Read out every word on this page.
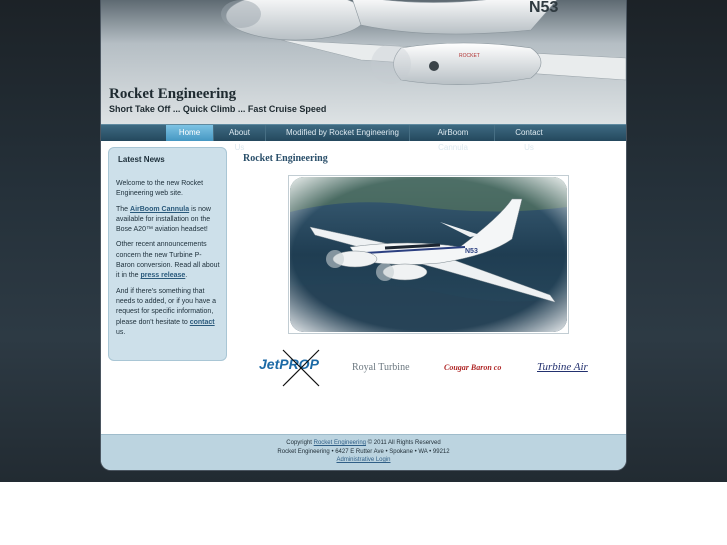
N53
ROCKET
Rocket Engineering
Short Take Off ... Quick Climb ... Fast Cruise Speed
Home	About Us
Modified by Rocket Engineering	AirBoom Cannula
Contact Us
Latest News

Welcome to the new Rocket Engineering web site.

The AirBoom Cannula is now available for installation on the Bose A20™ aviation headset!

Other recent announcements concern the new Turbine P-Baron conversion. Read all about it in the press release.

And if there's something that needs to added, or if you have a request for specific information, please don't hesitate to contact us.

Rocket Engineering
JetPROP	Royal Turbine	Cougar Baron co	Turbine Air
Copyright Rocket Engineering © 2011 All Rights Reserved
Rocket Engineering • 6427 E Rutter Ave • Spokane • WA • 99212
Administrative Login
